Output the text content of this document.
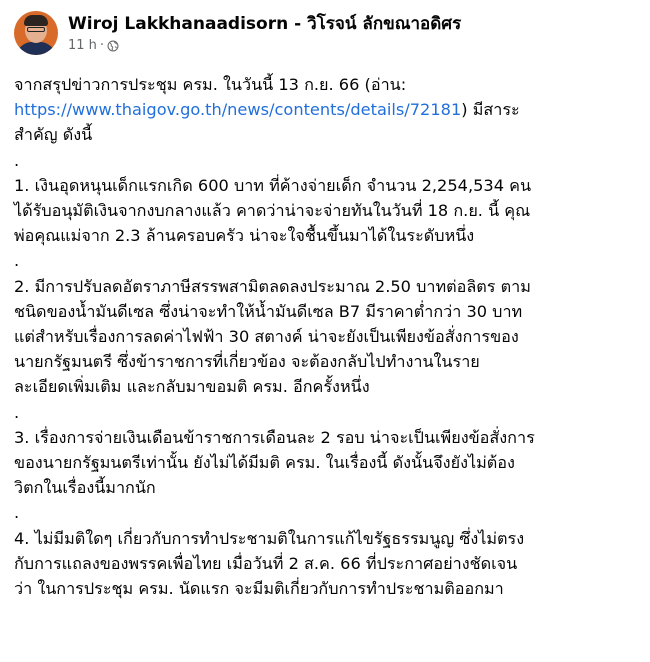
Wiroj Lakkhanaadisorn - วิโรจน์ ลักขณาอดิศร
11 h ·

จากสรุปข่าวการประชุม ครม. ในวันนี้ 13 ก.ย. 66 (อ่าน:

https://www.thaigov.go.th/news/contents/details/72181) มีสาระ

สำคัญ ดังนี้

.

1. เงินอุดหนุนเด็กแรกเกิด 600 บาท ที่ค้างจ่ายเด็ก จำนวน 2,254,534 คน

ได้รับอนุมัติเงินจากงบกลางแล้ว คาดว่าน่าจะจ่ายทันในวันที่ 18 ก.ย. นี้ คุณ

พ่อคุณแม่จาก 2.3 ล้านครอบครัว น่าจะใจชื้นขึ้นมาได้ในระดับหนึ่ง

.

2. มีการปรับลดอัตราภาษีสรรพสามิตลดลงประมาณ 2.50 บาทต่อลิตร ตาม

ชนิดของน้ำมันดีเซล ซึ่งน่าจะทำให้น้ำมันดีเซล B7 มีราคาต่ำกว่า 30 บาท

แต่สำหรับเรื่องการลดค่าไฟฟ้า 30 สตางค์ น่าจะยังเป็นเพียงข้อสั่งการของ

นายกรัฐมนตรี ซึ่งข้าราชการที่เกี่ยวข้อง จะต้องกลับไปทำงานในราย

ละเอียดเพิ่มเติม และกลับมาขอมติ ครม. อีกครั้งหนึ่ง

.

3. เรื่องการจ่ายเงินเดือนข้าราชการเดือนละ 2 รอบ น่าจะเป็นเพียงข้อสั่งการ

ของนายกรัฐมนตรีเท่านั้น ยังไม่ได้มีมติ ครม. ในเรื่องนี้ ดังนั้นจึงยังไม่ต้อง

วิตกในเรื่องนี้มากนัก

.

4. ไม่มีมติใดๆ เกี่ยวกับการทำประชามติในการแก้ไขรัฐธรรมนูญ ซึ่งไม่ตรง

กับการแถลงของพรรคเพื่อไทย เมื่อวันที่ 2 ส.ค. 66 ที่ประกาศอย่างชัดเจน

ว่า ในการประชุม ครม. นัดแรก จะมีมติเกี่ยวกับการทำประชามติออกมา
